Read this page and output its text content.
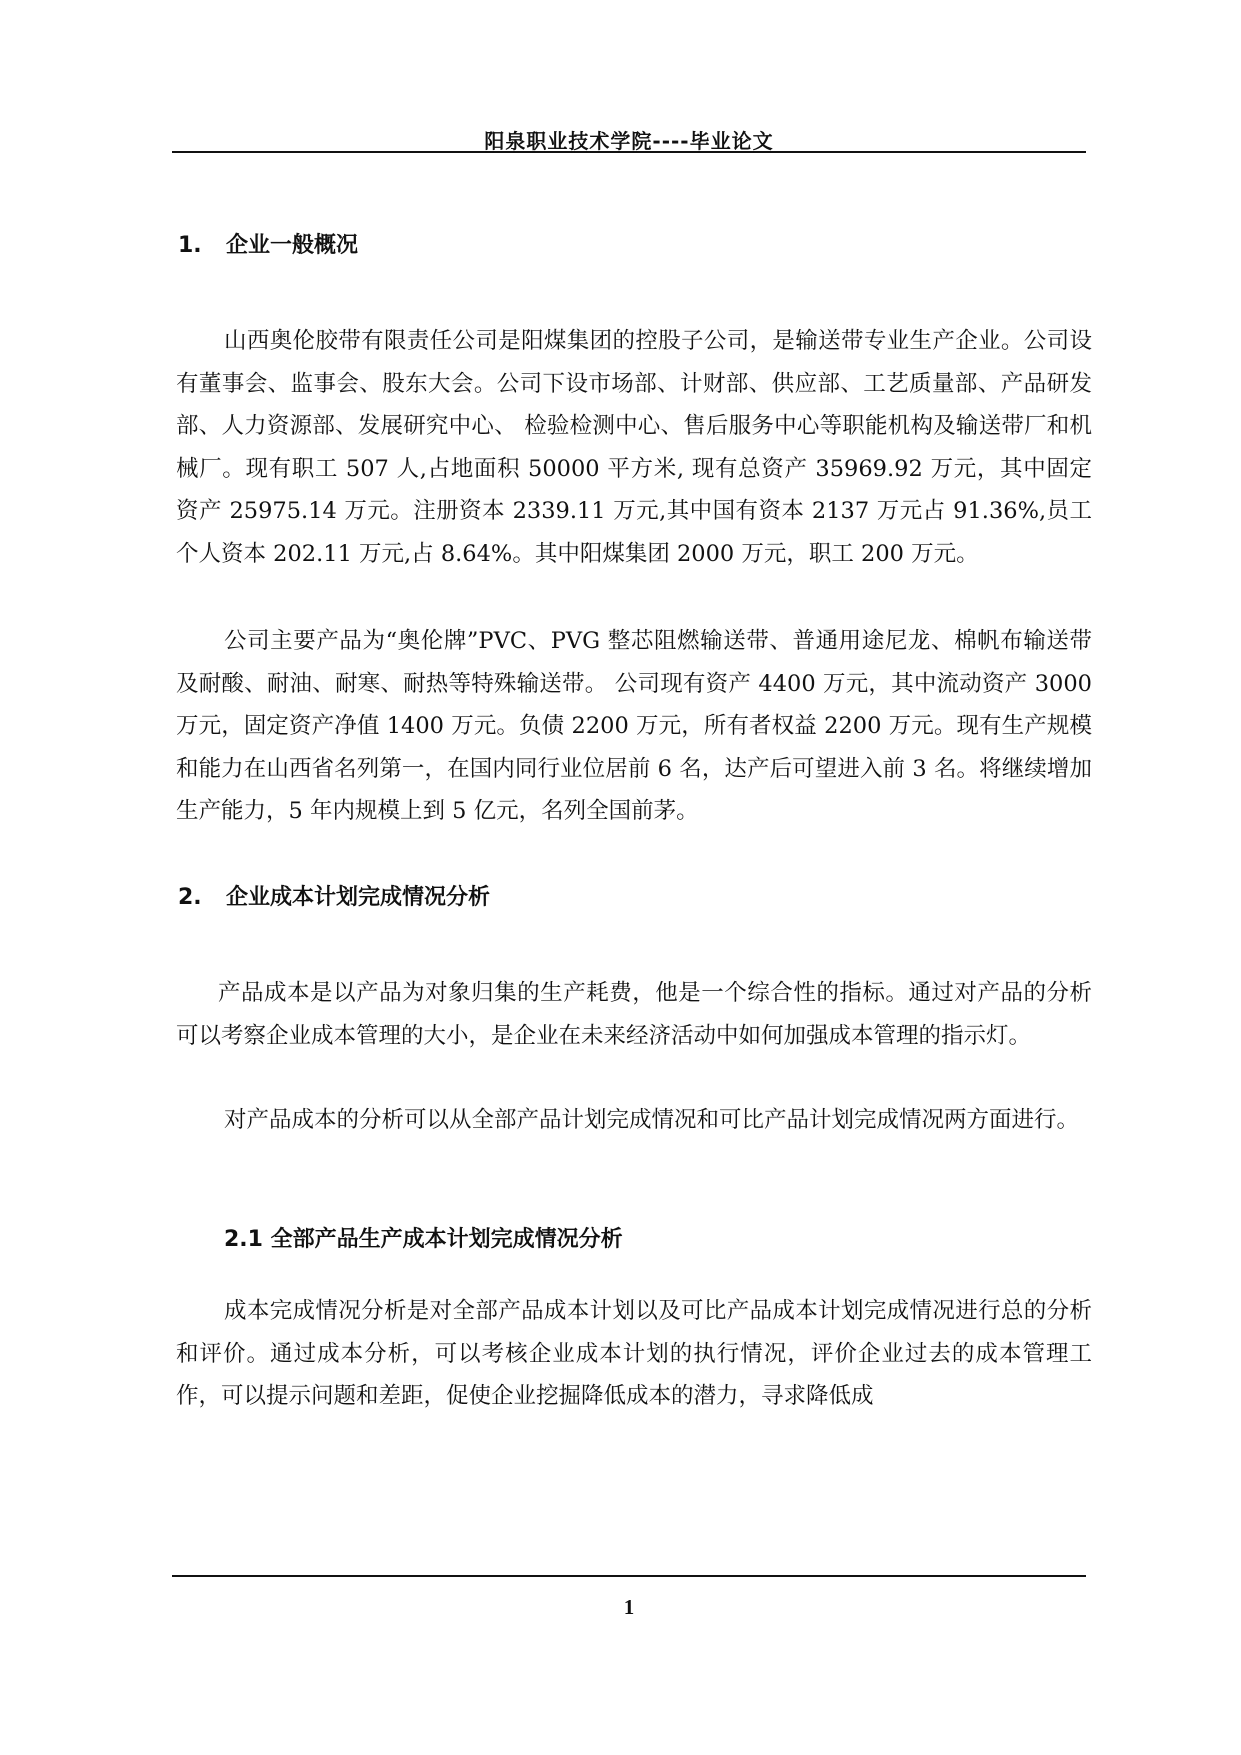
阳泉职业技术学院----毕业论文
1. 企业一般概况

山西奥伦胶带有限责任公司是阳煤集团的控股子公司，是输送带专业生产企业。公司设有董事会、监事会、股东大会。公司下设市场部、计财部、供应部、工艺质量部、产品研发部、人力资源部、发展研究中心、 检验检测中心、售后服务中心等职能机构及输送带厂和机械厂。现有职工 507 人,占地面积 50000 平方米, 现有总资产 35969.92 万元，其中固定资产 25975.14 万元。注册资本 2339.11 万元,其中国有资本 2137 万元占 91.36%,员工个人资本 202.11 万元,占 8.64%。其中阳煤集团 2000 万元，职工 200 万元。

公司主要产品为“奥伦牌”PVC、PVG 整芯阻燃输送带、普通用途尼龙、棉帆布输送带及耐酸、耐油、耐寒、耐热等特殊输送带。 公司现有资产 4400 万元，其中流动资产 3000 万元，固定资产净值 1400 万元。负债 2200 万元，所有者权益 2200 万元。现有生产规模和能力在山西省名列第一，在国内同行业位居前 6 名，达产后可望进入前 3 名。将继续增加生产能力，5 年内规模上到 5 亿元，名列全国前茅。

2. 企业成本计划完成情况分析

产品成本是以产品为对象归集的生产耗费，他是一个综合性的指标。通过对产品的分析可以考察企业成本管理的大小，是企业在未来经济活动中如何加强成本管理的指示灯。

对产品成本的分析可以从全部产品计划完成情况和可比产品计划完成情况两方面进行。

2.1 全部产品生产成本计划完成情况分析

成本完成情况分析是对全部产品成本计划以及可比产品成本计划完成情况进行总的分析和评价。通过成本分析，可以考核企业成本计划的执行情况，评价企业过去的成本管理工作，可以提示问题和差距，促使企业挖掘降低成本的潜力，寻求降低成

1
